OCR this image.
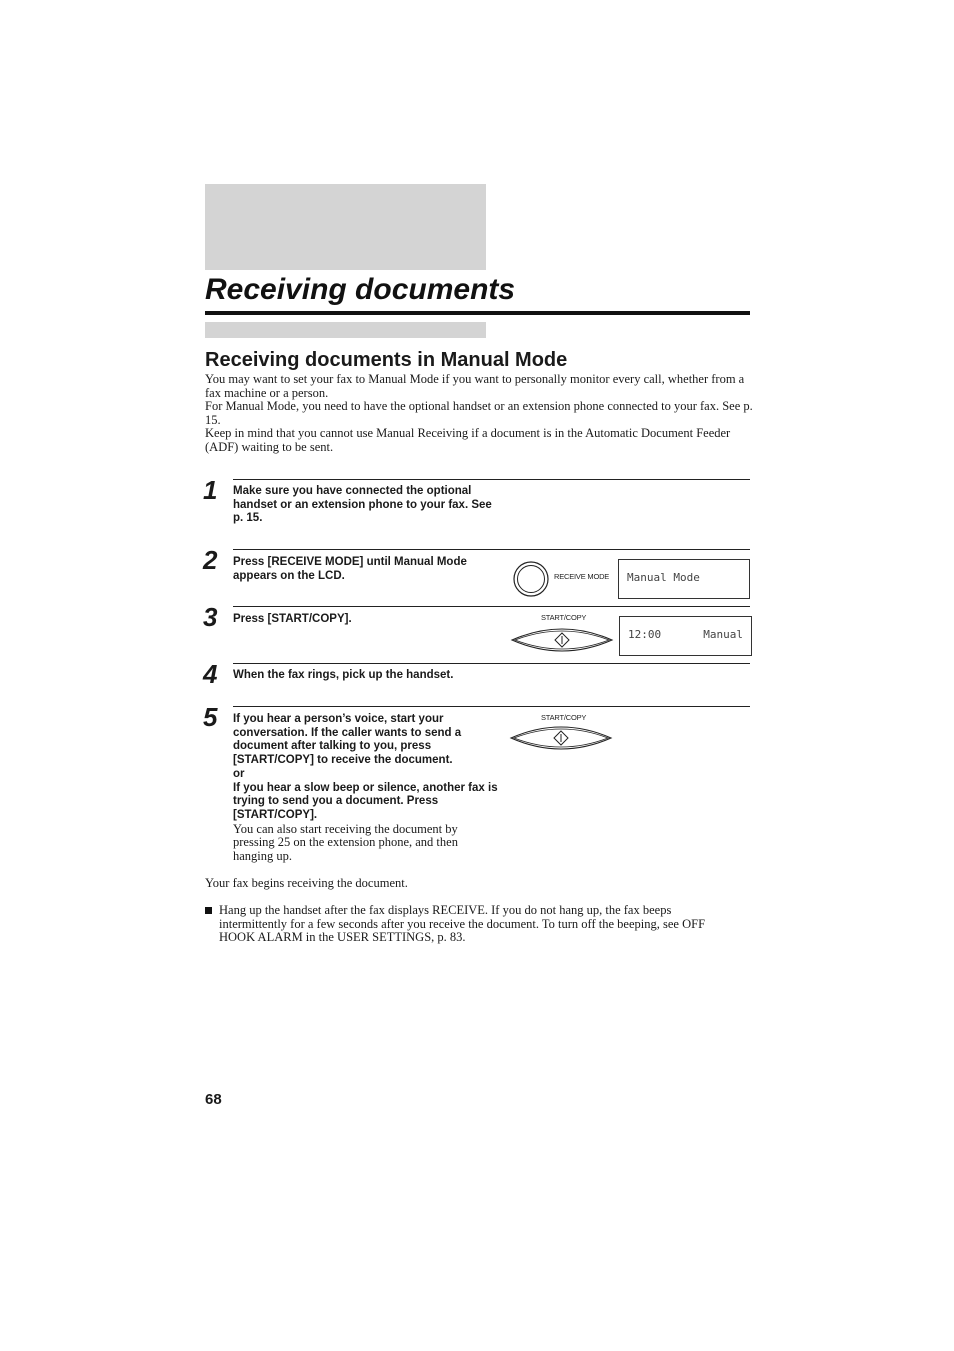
Receiving documents
Receiving documents in Manual Mode

You may want to set your fax to Manual Mode if you want to personally monitor every call, whether from a fax machine or a person.

For Manual Mode, you need to have the optional handset or an extension phone connected to your fax. See p. 15.

Keep in mind that you cannot use Manual Receiving if a document is in the Automatic Document Feeder (ADF) waiting to be sent.

1 Make sure you have connected the optional handset or an extension phone to your fax. See p. 15.

2 Press [RECEIVE MODE] until Manual Mode appears on the LCD.	RECEIVE MODE	Manual Mode
3 Press [START/COPY].	START/COPY
12:00	Manual
4 When the fax rings, pick up the handset.

5 If you hear a person’s voice, start your conversation. If the caller wants to send a document after talking to you, press [START/COPY] to receive the document.

or

If you hear a slow beep or silence, another fax is trying to send you a document. Press [START/COPY].

You can also start receiving the document by pressing 25 on the extension phone, and then hanging up.

START/COPY
Your fax begins receiving the document.
Hang up the handset after the fax displays RECEIVE. If you do not hang up, the fax beeps intermittently for a few seconds after you receive the document. To turn off the beeping, see OFF HOOK ALARM in the USER SETTINGS, p. 83.
68
